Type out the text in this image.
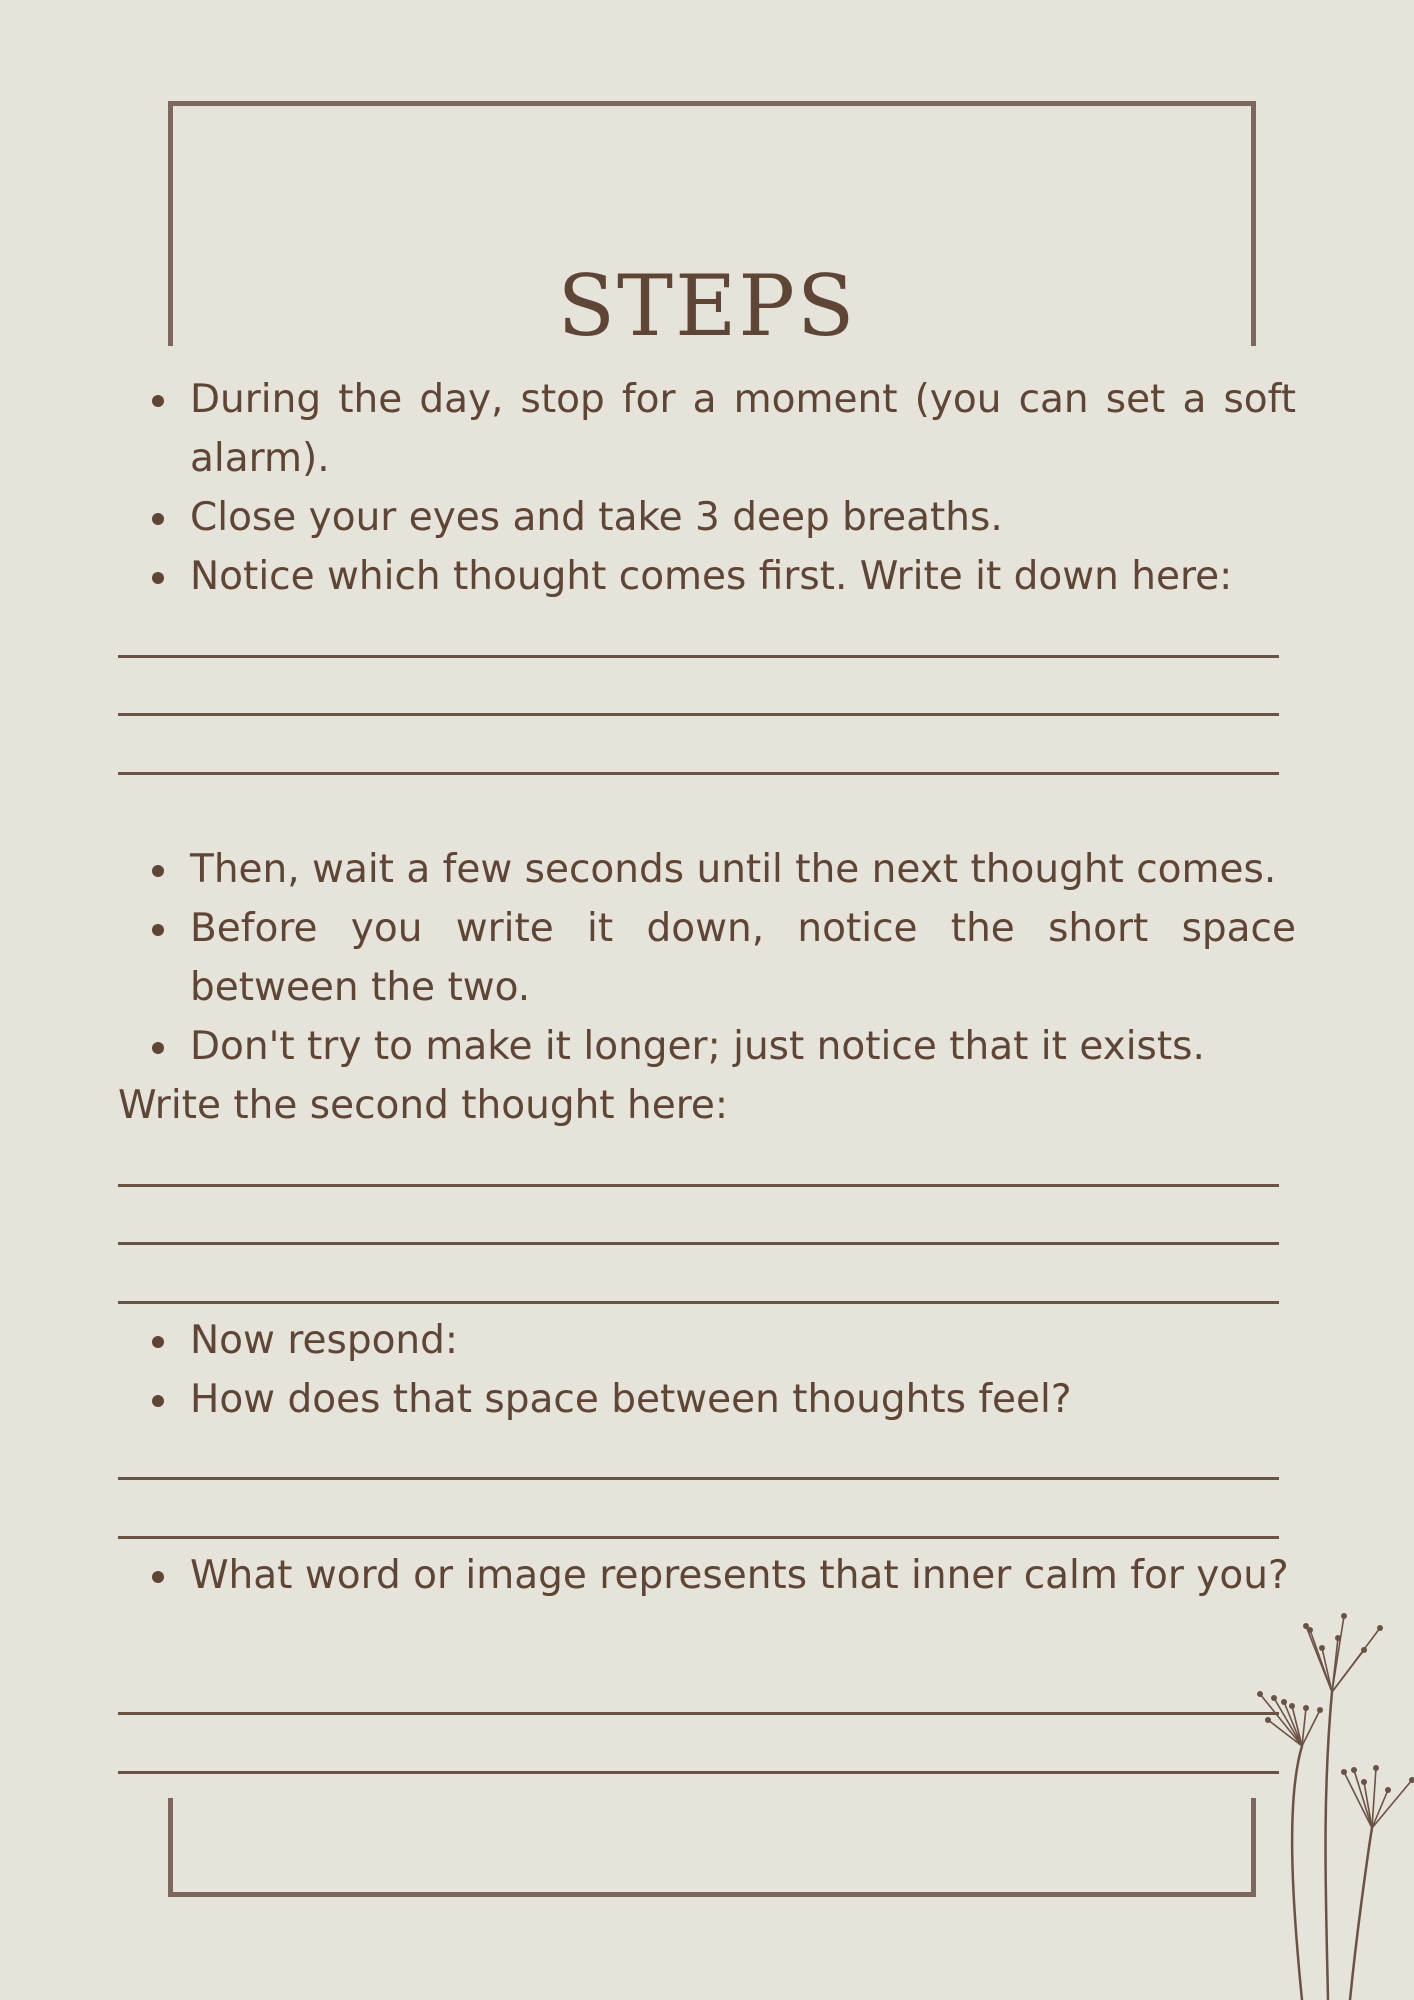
STEPS
During the day, stop for a moment (you can set a soft alarm).
Close your eyes and take 3 deep breaths.
Notice which thought comes first. Write it down here:
Then, wait a few seconds until the next thought comes.
Before you write it down, notice the short space between the two.
Don't try to make it longer; just notice that it exists.
Write the second thought here:
Now respond:
How does that space between thoughts feel?
What word or image represents that inner calm for you?
